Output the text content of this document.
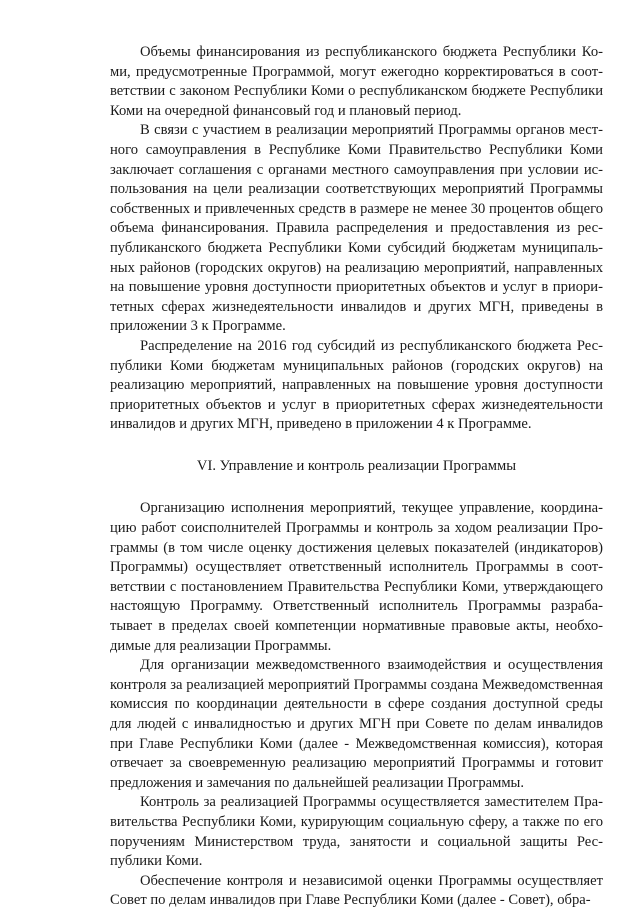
Объемы финансирования из республиканского бюджета Республики Коми, предусмотренные Программой, могут ежегодно корректироваться в соответствии с законом Республики Коми о республиканском бюджете Республики Коми на очередной финансовый год и плановый период.

В связи с участием в реализации мероприятий Программы органов местного самоуправления в Республике Коми Правительство Республики Коми заключает соглашения с органами местного самоуправления при условии использования на цели реализации соответствующих мероприятий Программы собственных и привлеченных средств в размере не менее 30 процентов общего объема финансирования. Правила распределения и предоставления из республиканского бюджета Республики Коми субсидий бюджетам муниципальных районов (городских округов) на реализацию мероприятий, направленных на повышение уровня доступности приоритетных объектов и услуг в приоритетных сферах жизнедеятельности инвалидов и других МГН, приведены в приложении 3 к Программе.

Распределение на 2016 год субсидий из республиканского бюджета Республики Коми бюджетам муниципальных районов (городских округов) на реализацию мероприятий, направленных на повышение уровня доступности приоритетных объектов и услуг в приоритетных сферах жизнедеятельности инвалидов и других МГН, приведено в приложении 4 к Программе.

VI. Управление и контроль реализации Программы

Организацию исполнения мероприятий, текущее управление, координацию работ соисполнителей Программы и контроль за ходом реализации Программы (в том числе оценку достижения целевых показателей (индикаторов) Программы) осуществляет ответственный исполнитель Программы в соответствии с постановлением Правительства Республики Коми, утверждающего настоящую Программу. Ответственный исполнитель Программы разрабатывает в пределах своей компетенции нормативные правовые акты, необходимые для реализации Программы.

Для организации межведомственного взаимодействия и осуществления контроля за реализацией мероприятий Программы создана Межведомственная комиссия по координации деятельности в сфере создания доступной среды для людей с инвалидностью и других МГН при Совете по делам инвалидов при Главе Республики Коми (далее - Межведомственная комиссия), которая отвечает за своевременную реализацию мероприятий Программы и готовит предложения и замечания по дальнейшей реализации Программы.

Контроль за реализацией Программы осуществляется заместителем Правительства Республики Коми, курирующим социальную сферу, а также по его поручениям Министерством труда, занятости и социальной защиты Республики Коми.

Обеспечение контроля и независимой оценки Программы осуществляет Совет по делам инвалидов при Главе Республики Коми (далее - Совет), обра-
